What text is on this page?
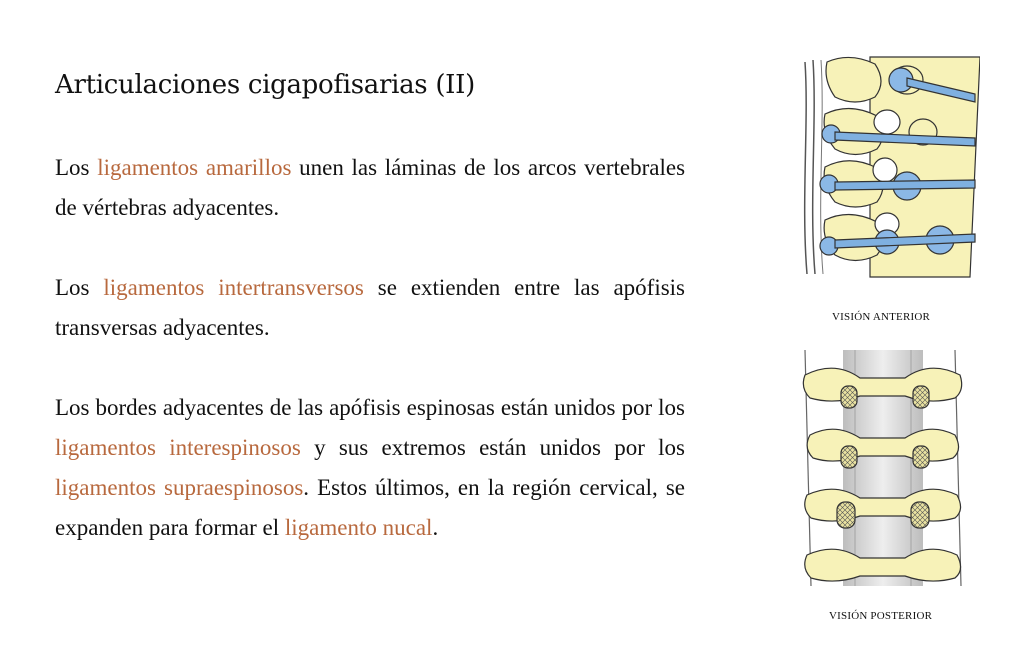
Articulaciones cigapofisarias (II)

Los ligamentos amarillos unen las láminas de los arcos vertebrales de vértebras adyacentes.

Los ligamentos intertransversos se extienden entre las apófisis transversas adyacentes.

Los bordes adyacentes de las apófisis espinosas están unidos por los ligamentos interespinosos y sus extremos están unidos por los ligamentos supraespinosos. Estos últimos, en la región cervical, se expanden para formar el ligamento nucal.

VISIÓN ANTERIOR
VISIÓN POSTERIOR
